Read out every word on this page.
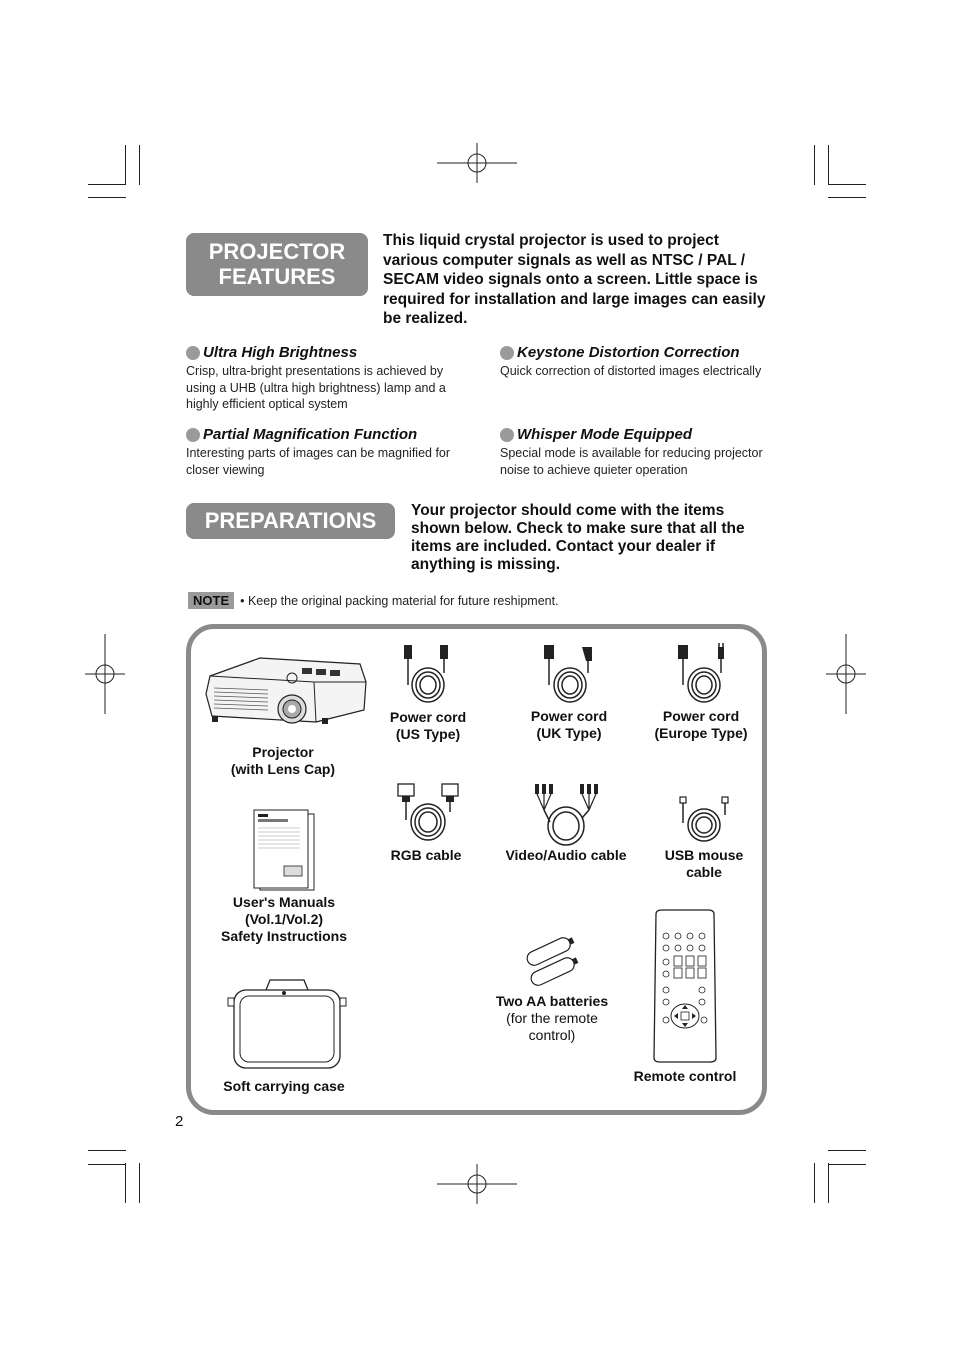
PROJECTOR
FEATURES
This liquid crystal projector is used to project various computer signals as well as NTSC / PAL / SECAM video signals onto a screen. Little space is required for installation and large images can easily be realized.
Ultra High Brightness
Crisp, ultra-bright presentations is achieved by using a UHB (ultra high brightness) lamp and a highly efficient optical system
Keystone Distortion Correction
Quick correction of distorted images electrically
Partial Magnification Function
Interesting parts of images can be magnified for closer viewing
Whisper Mode Equipped
Special mode is available for reducing projector noise to achieve quieter operation
PREPARATIONS	Your projector should come with the items shown below. Check to make sure that all the items are included. Contact your dealer if anything is missing.
NOTE • Keep the original packing material for future reshipment.
Projector
(with Lens Cap)
Power cord
(US Type)
Power cord
(UK Type)
Power cord
(Europe Type)
RGB cable	Video/Audio cable	USB mouse
cable
User's Manuals
(Vol.1/Vol.2)
Safety Instructions
Two AA batteries
(for the remote
control)
Remote control
Soft carrying case
2
